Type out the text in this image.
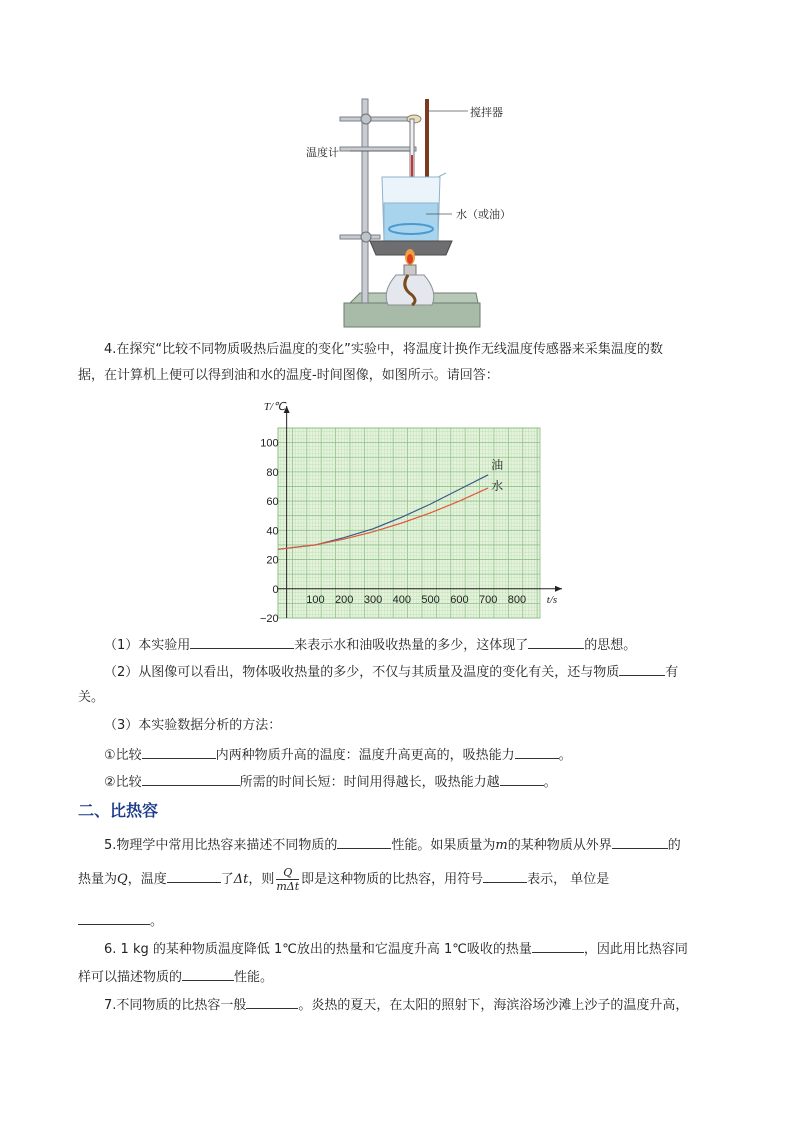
搅拌器
温度计
水（或油）
4.在探究“比较不同物质吸热后温度的变化”实验中，将温度计换作无线温度传感器来采集温度的数
据，在计算机上便可以得到油和水的温度-时间图像，如图所示。请回答：
100 200 300 400 500 600 700 800
100
80
60
40
20
0
−20
T/℃
t/s
油
水
（1）本实验用	来表示水和油吸收热量的多少，这体现了	的思想。
（2）从图像可以看出，物体吸收热量的多少，不仅与其质量及温度的变化有关，还与物质	有
关。
（3）本实验数据分析的方法：
①比较	内两种物质升高的温度：温度升高更高的，吸热能力	。
②比较	所需的时间长短：时间用得越长，吸热能力越	。
二、比热容
5.物理学中常用比热容来描述不同物质的	性能。如果质量为m的某种物质从外界	的
热量为Q，温度	了Δt，则 $\frac{Q}{\text{mΔt}}$ 即是这种物质的比热容，用符号	表示， 单位是
。
6. 1 kg 的某种物质温度降低 1℃放出的热量和它温度升高 1℃吸收的热量	，因此用比热容同
样可以描述物质的	性能。
7.不同物质的比热容一般	。炎热的夏天，在太阳的照射下，海滨浴场沙滩上沙子的温度升高，
